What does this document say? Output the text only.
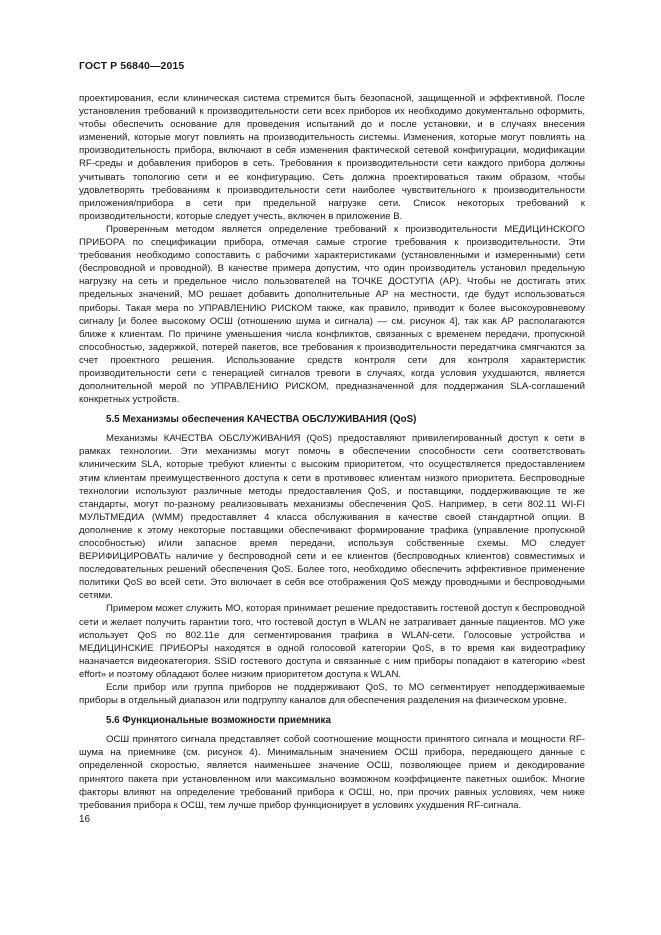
ГОСТ Р 56840—2015

проектирования, если клиническая система стремится быть безопасной, защищенной и эффективной. После установления требований к производительности сети всех приборов их необходимо документально оформить, чтобы обеспечить основание для проведения испытаний до и после установки, и в случаях внесения изменений, которые могут повлиять на производительность системы. Изменения, которые могут повлиять на производительность прибора, включают в себя изменения фактической сетевой конфигурации, модификации RF-среды и добавления приборов в сеть. Требования к производительности сети каждого прибора должны учитывать топологию сети и ее конфигурацию. Сеть должна проектироваться таким образом, чтобы удовлетворять требованиям к производительности сети наиболее чувствительного к производительности приложения/прибора в сети при предельной нагрузке сети. Список некоторых требований к производительности, которые следует учесть, включен в приложение В.

Проверенным методом является определение требований к производительности МЕДИЦИНСКОГО ПРИБОРА по спецификации прибора, отмечая самые строгие требования к производительности. Эти требования необходимо сопоставить с рабочими характеристиками (установленными и измеренными) сети (беспроводной и проводной). В качестве примера допустим, что один производитель установил предельную нагрузку на сеть и предельное число пользователей на ТОЧКЕ ДОСТУПА (АР). Чтобы не достигать этих предельных значений, МО решает добавить дополнительные АР на местности, где будут использоваться приборы. Такая мера по УПРАВЛЕНИЮ РИСКОМ также, как правило, приводит к более высокоуровневому сигналу [и более высокому ОСШ (отношению шума и сигнала) — см. рисунок 4], так как АР располагаются ближе к клиентам. По причине уменьшения числа конфликтов, связанных с временем передачи, пропускной способностью, задержкой, потерей пакетов, все требования к производительности передатчика смягчаются за счет проектного решения. Использование средств контроля сети для контроля характеристик производительности сети с генерацией сигналов тревоги в случаях, когда условия ухудшаются, является дополнительной мерой по УПРАВЛЕНИЮ РИСКОМ, предназначенной для поддержания SLA-соглашений конкретных устройств.

5.5 Механизмы обеспечения КАЧЕСТВА ОБСЛУЖИВАНИЯ (QoS)

Механизмы КАЧЕСТВА ОБСЛУЖИВАНИЯ (QoS) предоставляют привилегированный доступ к сети в рамках технологии. Эти механизмы могут помочь в обеспечении способности сети соответствовать клиническим SLA, которые требуют клиенты с высоким приоритетом, что осуществляется предоставлением этим клиентам преимущественного доступа к сети в противовес клиентам низкого приоритета. Беспроводные технологии используют различные методы предоставления QoS, и поставщики, поддерживающие те же стандарты, могут по-разному реализовывать механизмы обеспечения QoS. Например, в сети 802.11 WI-FI МУЛЬТМЕДИА (WMM) предоставляет 4 класса обслуживания в качестве своей стандартной опции. В дополнение к этому некоторые поставщики обеспечивают формирование трафика (управление пропускной способностью) и/или запасное время передачи, используя собственные схемы. МО следует ВЕРИФИЦИРОВАТЬ наличие у беспроводной сети и ее клиентов (беспроводных клиентов) совместимых и последовательных решений обеспечения QoS. Более того, необходимо обеспечить эффективное применение политики QoS во всей сети. Это включает в себя все отображения QoS между проводными и беспроводными сетями.

Примером может служить МО, которая принимает решение предоставить гостевой доступ к беспроводной сети и желает получить гарантии того, что гостевой доступ в WLAN не затрагивает данные пациентов. МО уже использует QoS по 802.11е для сегментирования трафика в WLAN-сети. Голосовые устройства и МЕДИЦИНСКИЕ ПРИБОРЫ находятся в одной голосовой категории QoS, в то время как видеотрафику назначается видеокатегория. SSID гостевого доступа и связанные с ним приборы попадают в категорию «best effort» и поэтому обладают более низким приоритетом доступа к WLAN.

Если прибор или группа приборов не поддерживают QoS, то МО сегментирует неподдерживаемые приборы в отдельный диапазон или подгруппу каналов для обеспечения разделения на физическом уровне.

5.6 Функциональные возможности приемника

ОСШ принятого сигнала представляет собой соотношение мощности принятого сигнала и мощности RF-шума на приемнике (см. рисунок 4). Минимальным значением ОСШ прибора, передающего данные с определенной скоростью, является наименьшее значение ОСШ, позволяющее прием и декодирование принятого пакета при установленном или максимально возможном коэффициенте пакетных ошибок. Многие факторы влияют на определение требований прибора к ОСШ, но, при прочих равных условиях, чем ниже требования прибора к ОСШ, тем лучше прибор функционирует в условиях ухудшения RF-сигнала.

16
